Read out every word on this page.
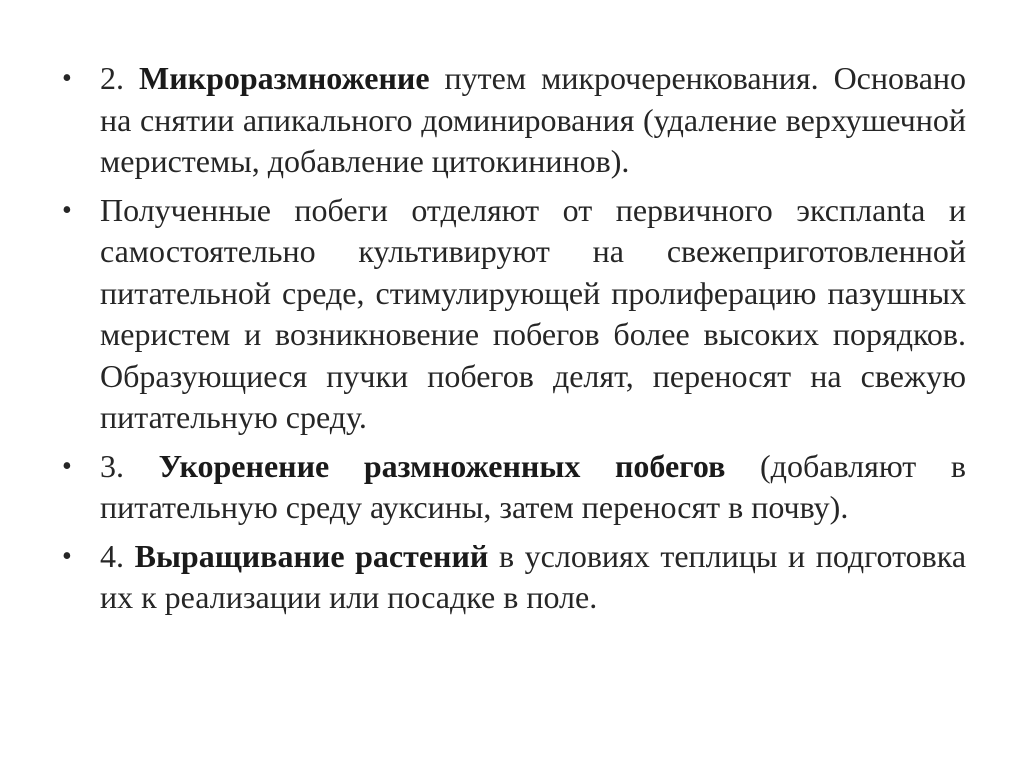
• 2. Микроразмножение путем микрочеренкования. Основано на снятии апикального доминирования (удаление верхушечной меристемы, добавление цитокининов).
• Полученные побеги отделяют от первичного эксплanta и самостоятельно культивируют на свежеприготовленной питательной среде, стимулирующей пролиферацию пазушных меристем и возникновение побегов более высоких порядков. Образующиеся пучки побегов делят, переносят на свежую питательную среду.
• 3. Укоренение размноженных побегов (добавляют в питательную среду ауксины, затем переносят в почву).
• 4. Выращивание растений в условиях теплицы и подготовка их к реализации или посадке в поле.
